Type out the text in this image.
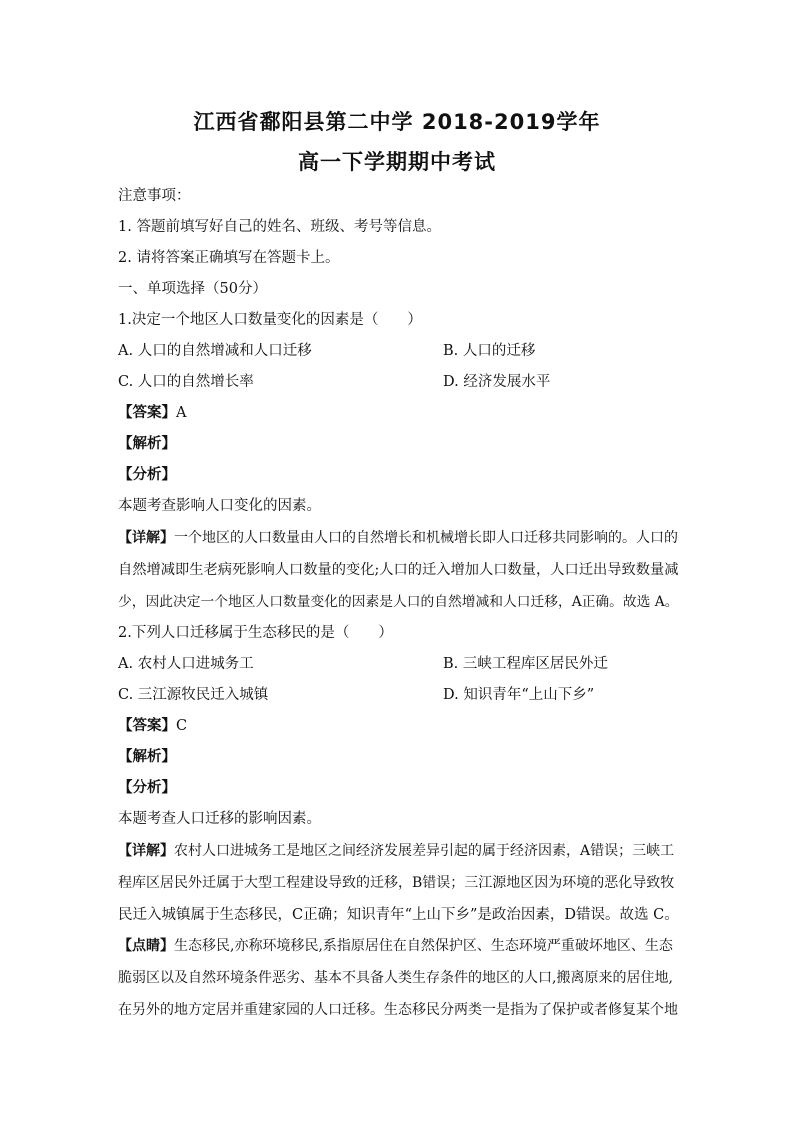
江西省鄱阳县第二中学 2018-2019学年
高一下学期期中考试
注意事项：
1. 答题前填写好自己的姓名、班级、考号等信息。
2. 请将答案正确填写在答题卡上。
一、单项选择（50分）
1.决定一个地区人口数量变化的因素是（　　）
A. 人口的自然增减和人口迁移	B. 人口的迁移
C. 人口的自然增长率	D. 经济发展水平
【答案】A
【解析】
【分析】
本题考查影响人口变化的因素。
【详解】一个地区的人口数量由人口的自然增长和机械增长即人口迁移共同影响的。人口的
自然增减即生老病死影响人口数量的变化;人口的迁入增加人口数量，人口迁出导致数量减
少，因此决定一个地区人口数量变化的因素是人口的自然增减和人口迁移，A正确。故选 A。
2.下列人口迁移属于生态移民的是（　　）
A. 农村人口进城务工	B. 三峡工程库区居民外迁
C. 三江源牧民迁入城镇	D. 知识青年“上山下乡”
【答案】C
【解析】
【分析】
本题考查人口迁移的影响因素。
【详解】农村人口进城务工是地区之间经济发展差异引起的属于经济因素，A错误；三峡工
程库区居民外迁属于大型工程建设导致的迁移，B错误；三江源地区因为环境的恶化导致牧
民迁入城镇属于生态移民，C正确；知识青年“上山下乡”是政治因素，D错误。故选 C。
【点睛】生态移民,亦称环境移民,系指原居住在自然保护区、生态环境严重破坏地区、生态
脆弱区以及自然环境条件恶劣、基本不具备人类生存条件的地区的人口,搬离原来的居住地,
在另外的地方定居并重建家园的人口迁移。生态移民分两类一是指为了保护或者修复某个地
